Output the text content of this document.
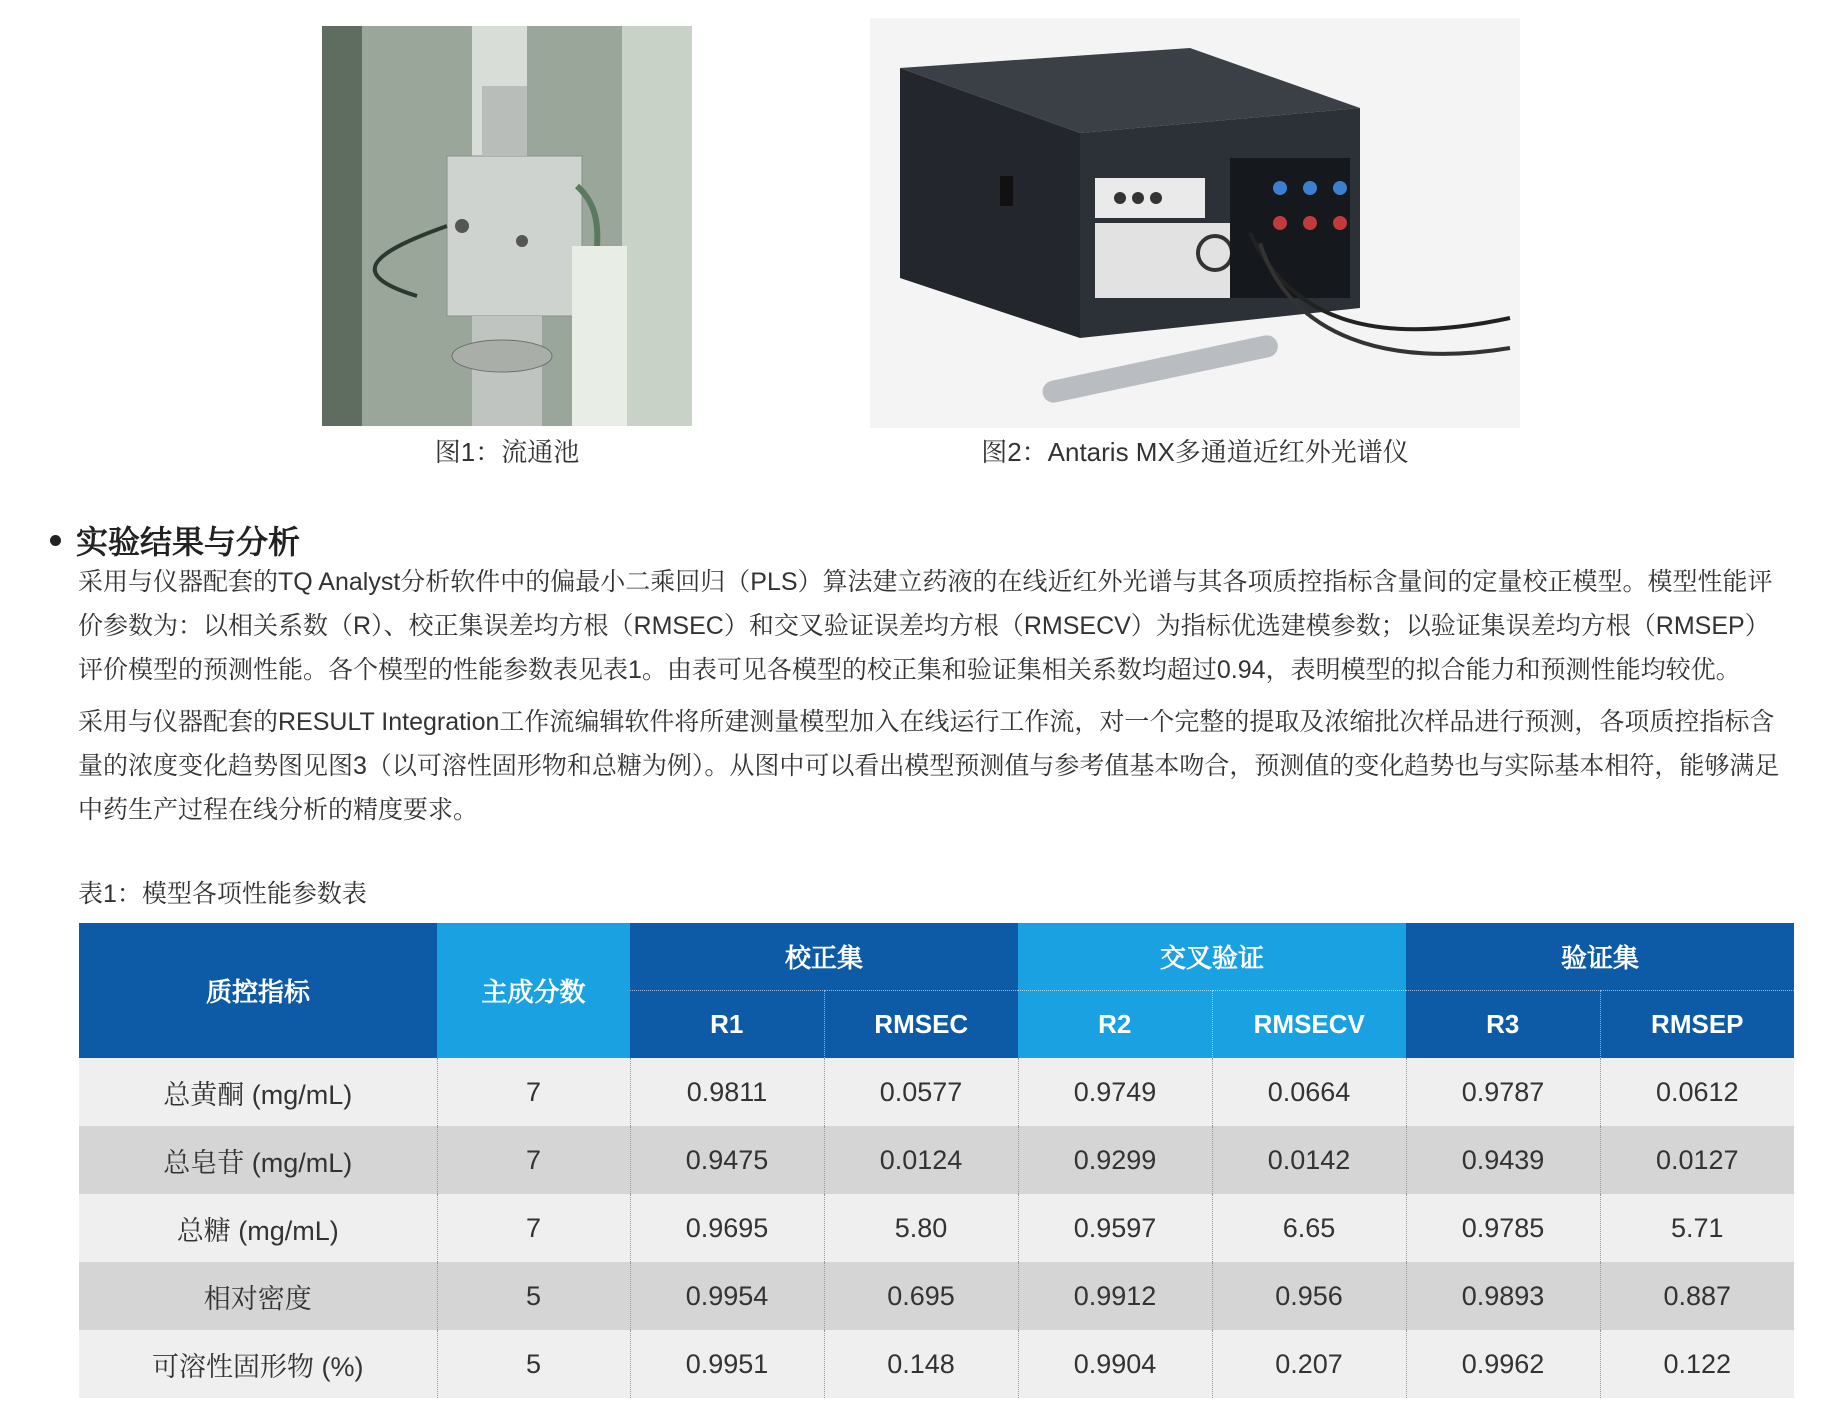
图1：流通池	图2：Antaris MX多通道近红外光谱仪
实验结果与分析
采用与仪器配套的TQ Analyst分析软件中的偏最小二乘回归（PLS）算法建立药液的在线近红外光谱与其各项质控指标含量间的定量校正模型。模型性能评价参数为：以相关系数（R）、校正集误差均方根（RMSEC）和交叉验证误差均方根（RMSECV）为指标优选建模参数；以验证集误差均方根（RMSEP）评价模型的预测性能。各个模型的性能参数表见表1。由表可见各模型的校正集和验证集相关系数均超过0.94，表明模型的拟合能力和预测性能均较优。
采用与仪器配套的RESULT Integration工作流编辑软件将所建测量模型加入在线运行工作流，对一个完整的提取及浓缩批次样品进行预测，各项质控指标含量的浓度变化趋势图见图3（以可溶性固形物和总糖为例）。从图中可以看出模型预测值与参考值基本吻合，预测值的变化趋势也与实际基本相符，能够满足中药生产过程在线分析的精度要求。
表1：模型各项性能参数表
质控指标	主成分数	校正集		交叉验证		验证集	
		R1	RMSEC	R2	RMSECV	R3	RMSEP
总黄酮 (mg/mL)	7	0.9811	0.0577	0.9749	0.0664	0.9787	0.0612
总皂苷 (mg/mL)	7	0.9475	0.0124	0.9299	0.0142	0.9439	0.0127
总糖 (mg/mL)	7	0.9695	5.80	0.9597	6.65	0.9785	5.71
相对密度	5	0.9954	0.695	0.9912	0.956	0.9893	0.887
可溶性固形物 (%)	5	0.9951	0.148	0.9904	0.207	0.9962	0.122
